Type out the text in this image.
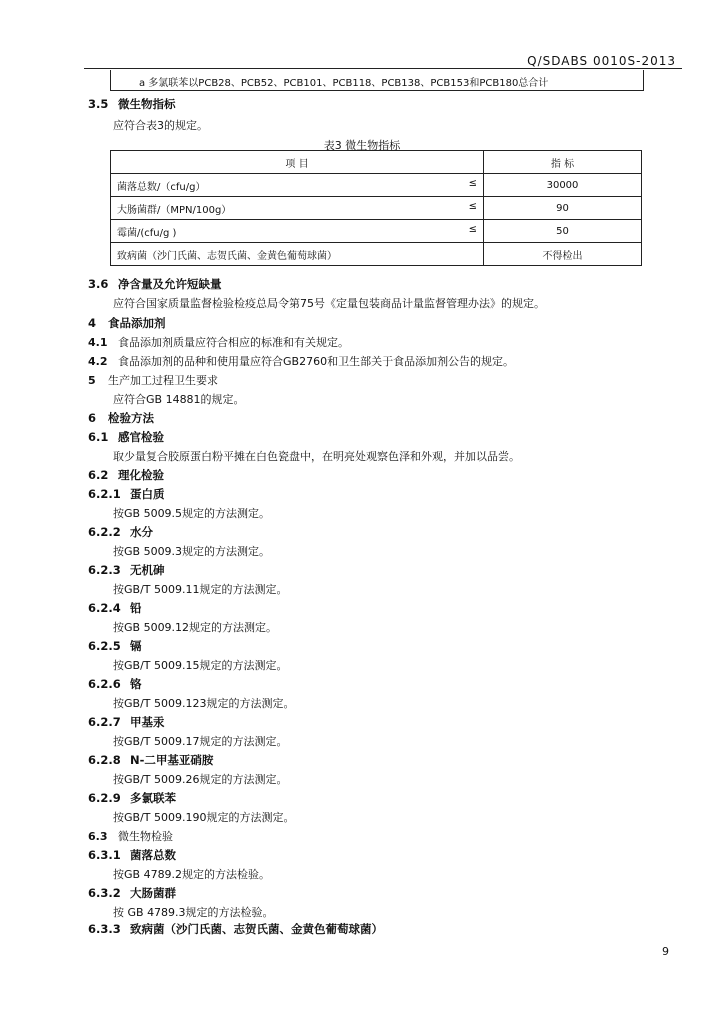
Q/SDABS 0010S-2013
a 多氯联苯以PCB28、PCB52、PCB101、PCB118、PCB138、PCB153和PCB180总合计
3.5 微生物指标
应符合表3的规定。
表3 微生物指标
项 目	指 标
菌落总数/（cfu/g） ≤	30000
大肠菌群/（MPN/100g） ≤	90
霉菌/(cfu/g ) ≤	50
致病菌（沙门氏菌、志贺氏菌、金黄色葡萄球菌）	不得检出
3.6 净含量及允许短缺量
应符合国家质量监督检验检疫总局令第75号《定量包装商品计量监督管理办法》的规定。
4 食品添加剂
4.1 食品添加剂质量应符合相应的标准和有关规定。
4.2 食品添加剂的品种和使用量应符合GB2760和卫生部关于食品添加剂公告的规定。
5 生产加工过程卫生要求
应符合GB 14881的规定。
6 检验方法
6.1 感官检验
取少量复合胶原蛋白粉平摊在白色瓷盘中，在明亮处观察色泽和外观，并加以品尝。
6.2 理化检验
6.2.1 蛋白质
按GB 5009.5规定的方法测定。
6.2.2 水分
按GB 5009.3规定的方法测定。
6.2.3 无机砷
按GB/T 5009.11规定的方法测定。
6.2.4 铅
按GB 5009.12规定的方法测定。
6.2.5 镉
按GB/T 5009.15规定的方法测定。
6.2.6 铬
按GB/T 5009.123规定的方法测定。
6.2.7 甲基汞
按GB/T 5009.17规定的方法测定。
6.2.8 N-二甲基亚硝胺
按GB/T 5009.26规定的方法测定。
6.2.9 多氯联苯
按GB/T 5009.190规定的方法测定。
6.3 微生物检验
6.3.1 菌落总数
按GB 4789.2规定的方法检验。
6.3.2 大肠菌群
按 GB 4789.3规定的方法检验。
6.3.3 致病菌（沙门氏菌、志贺氏菌、金黄色葡萄球菌）
9
